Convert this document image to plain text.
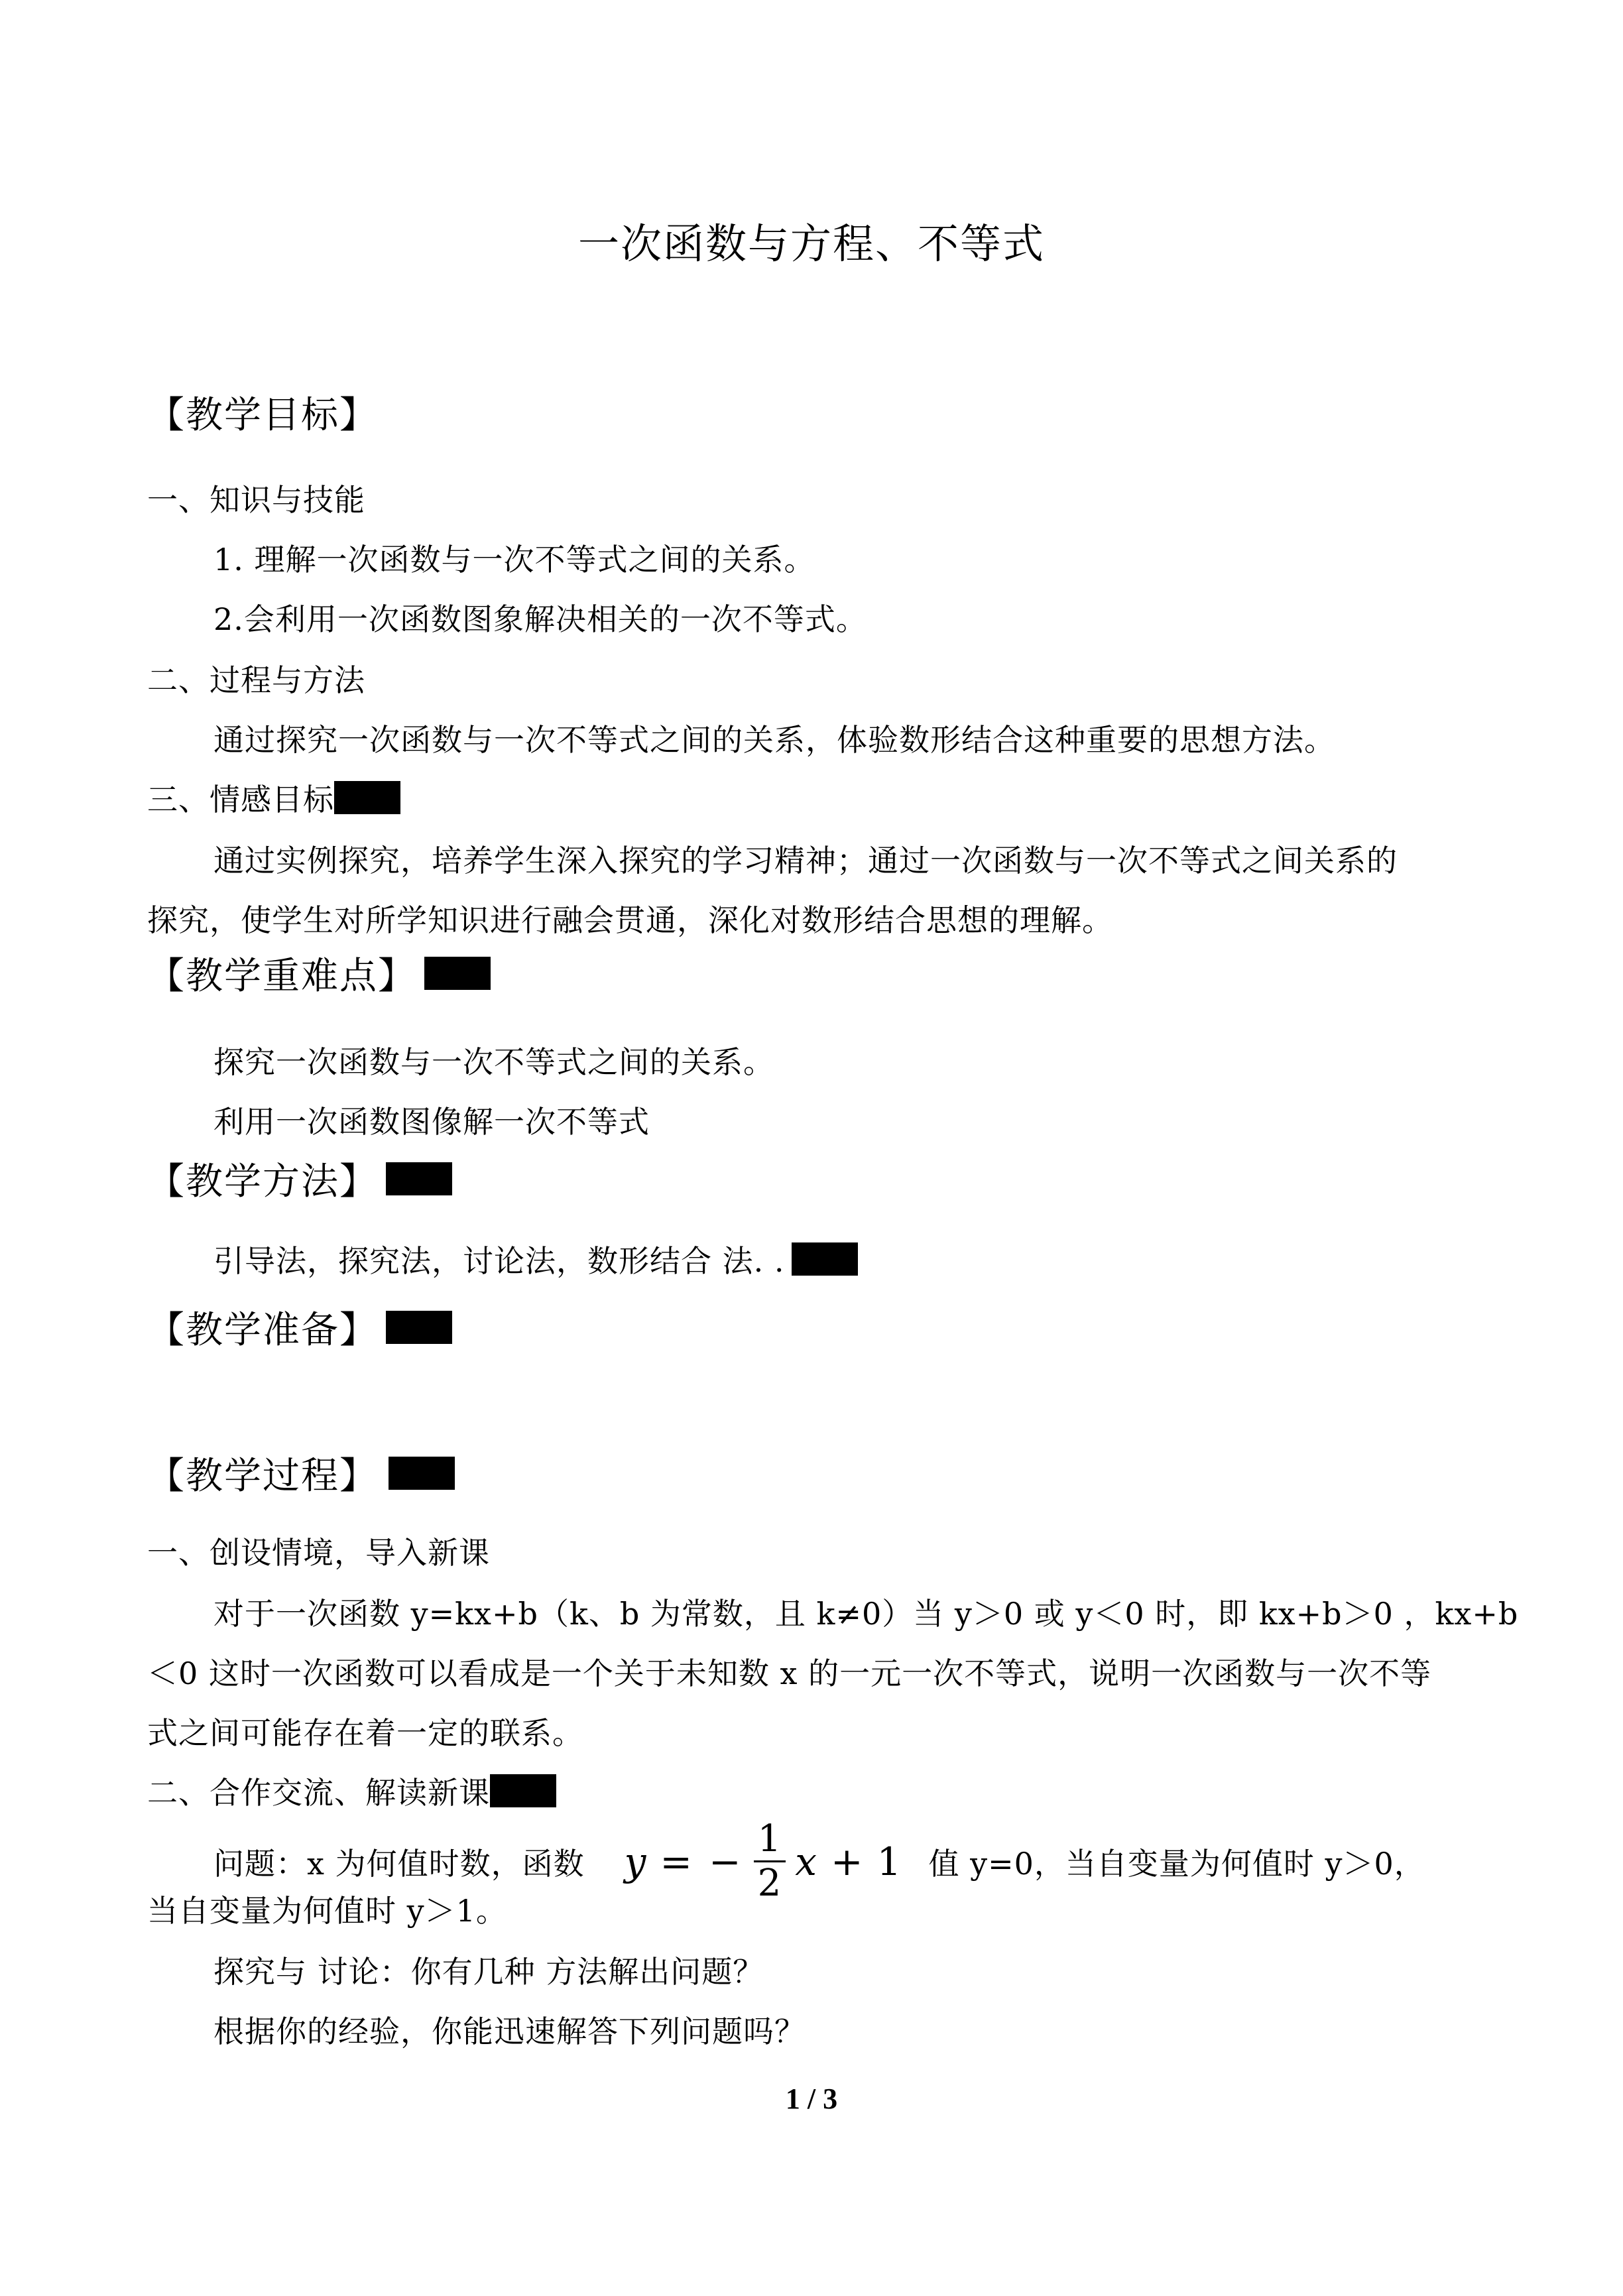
一次函数与方程、不等式
【教学目标】
一、知识与技能
1. 理解一次函数与一次不等式之间的关系。
2.会利用一次函数图象解决相关的一次不等式。
二、过程与方法
通过探究一次函数与一次不等式之间的关系，体验数形结合这种重要的思想方法。
三、情感目标
通过实例探究，培养学生深入探究的学习精神；通过一次函数与一次不等式之间关系的
探究，使学生对所学知识进行融会贯通，深化对数形结合思想的理解。
【教学重难点】
探究一次函数与一次不等式之间的关系。
利用一次函数图像解一次不等式
【教学方法】
引导法，探究法，讨论法，数形结合 法. .
【教学准备】
【教学过程】
一、创设情境，导入新课
对于一次函数 y=kx+b（k、b 为常数，且 k≠0）当 y＞0 或 y＜0 时，即 kx+b＞0 ，kx+b
＜0 这时一次函数可以看成是一个关于未知数 x 的一元一次不等式，说明一次函数与一次不等
式之间可能存在着一定的联系。
二、合作交流、解读新课
问题：x 为何值时数，函数 y = − $\frac{1}{2}$ x + 1 值 y=0，当自变量为何值时 y＞0，
当自变量为何值时 y＞1。
探究与 讨论：你有几种 方法解出问题？
根据你的经验，你能迅速解答下列问题吗？
1 / 3
